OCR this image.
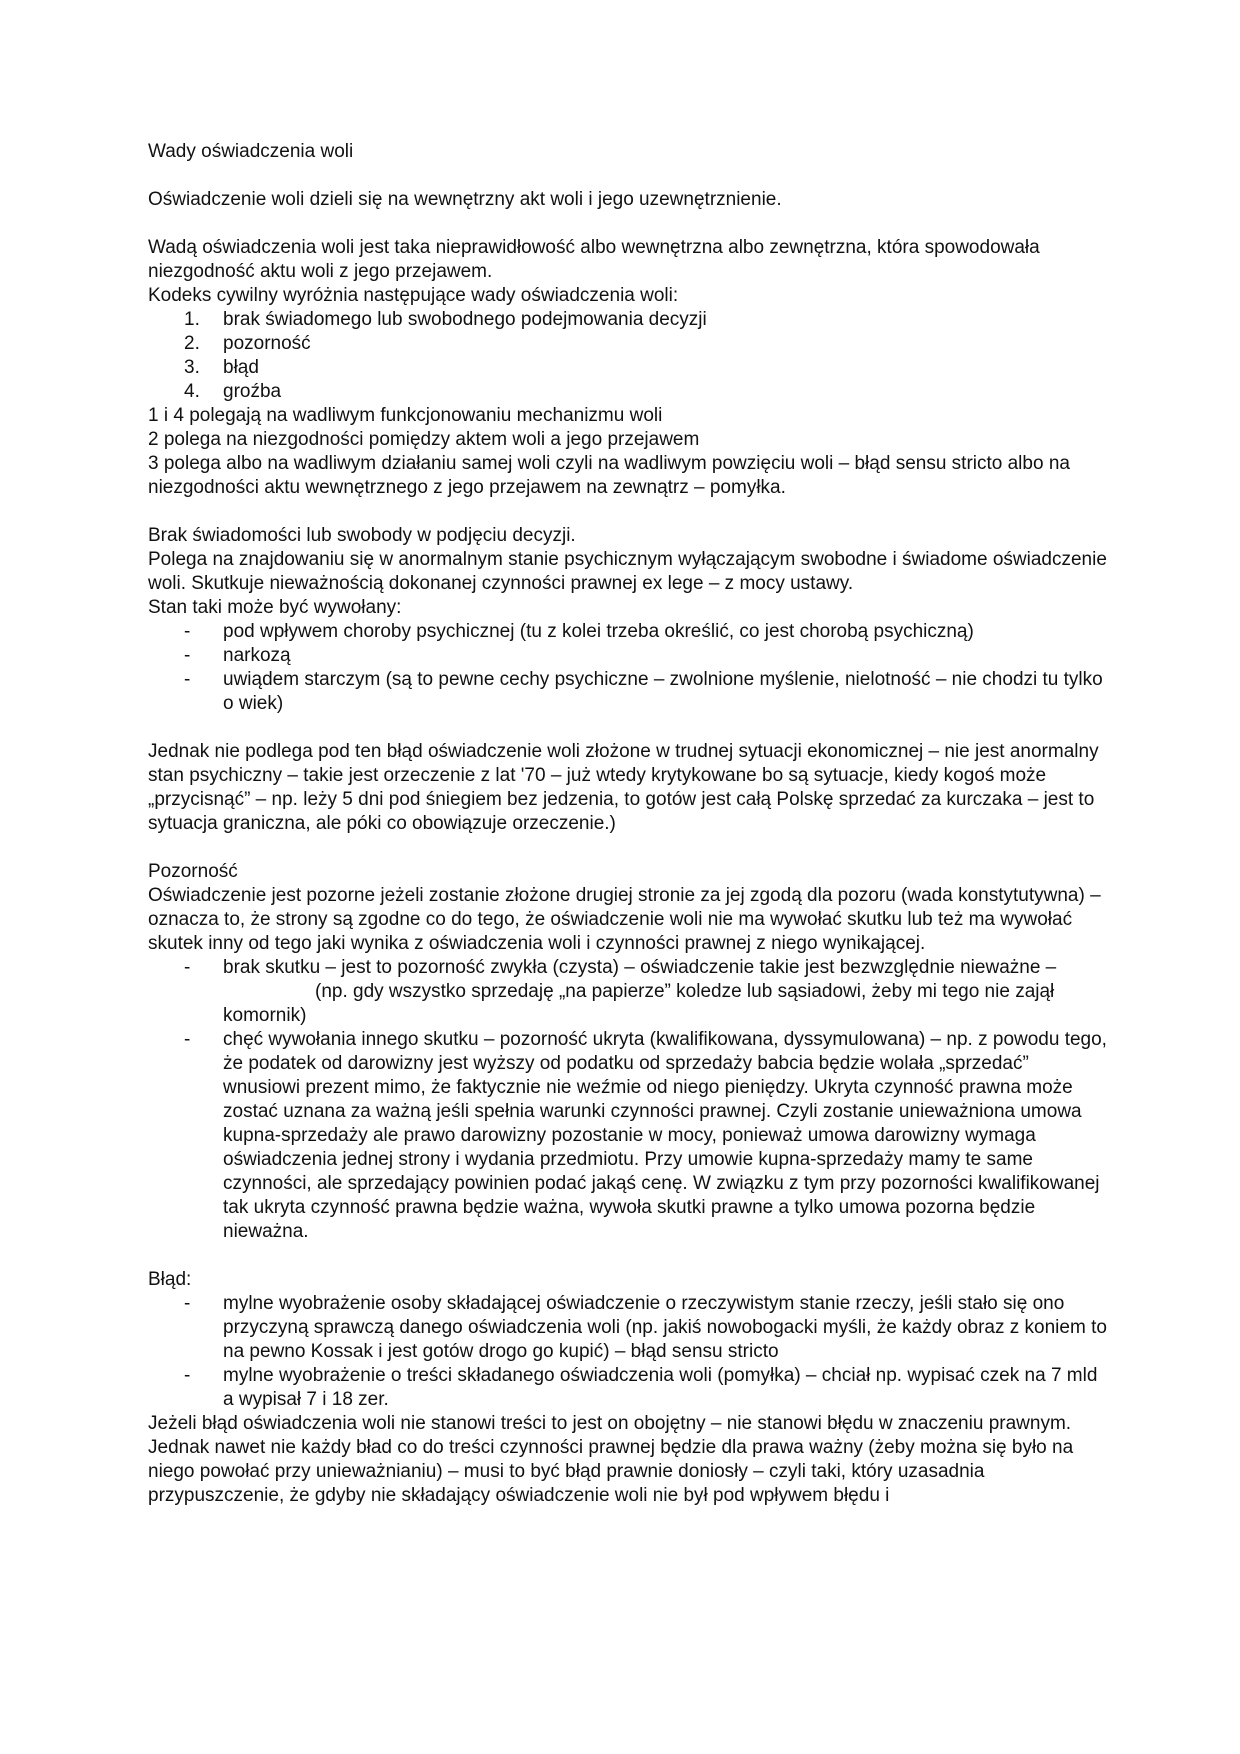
Wady oświadczenia woli

Oświadczenie woli dzieli się na wewnętrzny akt woli i jego uzewnętrznienie.

Wadą oświadczenia woli jest taka nieprawidłowość albo wewnętrzna albo zewnętrzna, która spowodowała niezgodność aktu woli z jego przejawem.

Kodeks cywilny wyróżnia następujące wady oświadczenia woli:

1. brak świadomego lub swobodnego podejmowania decyzji
2. pozorność
3. błąd
4. groźba

1 i 4 polegają na wadliwym funkcjonowaniu mechanizmu woli

2 polega na niezgodności pomiędzy aktem woli a jego przejawem

3 polega albo na wadliwym działaniu samej woli czyli na wadliwym powzięciu woli – błąd sensu stricto albo na niezgodności aktu wewnętrznego z jego przejawem na zewnątrz – pomyłka.

Brak świadomości lub swobody w podjęciu decyzji.

Polega na znajdowaniu się w anormalnym stanie psychicznym wyłączającym swobodne i świadome oświadczenie woli. Skutkuje nieważnością dokonanej czynności prawnej ex lege – z mocy ustawy.

Stan taki może być wywołany:

- pod wpływem choroby psychicznej (tu z kolei trzeba określić, co jest chorobą psychiczną)
- narkozą
- uwiądem starczym (są to pewne cechy psychiczne – zwolnione myślenie, nielotność – nie chodzi tu tylko o wiek)

Jednak nie podlega pod ten błąd oświadczenie woli złożone w trudnej sytuacji ekonomicznej – nie jest anormalny stan psychiczny – takie jest orzeczenie z lat '70 – już wtedy krytykowane bo są sytuacje, kiedy kogoś może „przycisnąć” – np. leży 5 dni pod śniegiem bez jedzenia, to gotów jest całą Polskę sprzedać za kurczaka – jest to sytuacja graniczna, ale póki co obowiązuje orzeczenie.)

Pozorność

Oświadczenie jest pozorne jeżeli zostanie złożone drugiej stronie za jej zgodą dla pozoru (wada konstytutywna) – oznacza to, że strony są zgodne co do tego, że oświadczenie woli nie ma wywołać skutku lub też ma wywołać skutek inny od tego jaki wynika z oświadczenia woli i czynności prawnej z niego wynikającej.

- brak skutku – jest to pozorność zwykła (czysta) – oświadczenie takie jest bezwzględnie nieważne –(np. gdy wszystko sprzedaję „na papierze” koledze lub sąsiadowi, żeby mi tego nie zajął komornik)
- chęć wywołania innego skutku – pozorność ukryta (kwalifikowana, dyssymulowana) – np. z powodu tego, że podatek od darowizny jest wyższy od podatku od sprzedaży babcia będzie wolała „sprzedać” wnusiowi prezent mimo, że faktycznie nie weźmie od niego pieniędzy. Ukryta czynność prawna może zostać uznana za ważną jeśli spełnia warunki czynności prawnej. Czyli zostanie unieważniona umowa kupna-sprzedaży ale prawo darowizny pozostanie w mocy, ponieważ umowa darowizny wymaga oświadczenia jednej strony i wydania przedmiotu. Przy umowie kupna-sprzedaży mamy te same czynności, ale sprzedający powinien podać jakąś cenę. W związku z tym przy pozorności kwalifikowanej tak ukryta czynność prawna będzie ważna, wywoła skutki prawne a tylko umowa pozorna będzie nieważna.

Błąd:

- mylne wyobrażenie osoby składającej oświadczenie o rzeczywistym stanie rzeczy, jeśli stało się ono przyczyną sprawczą danego oświadczenia woli (np. jakiś nowobogacki myśli, że każdy obraz z koniem to na pewno Kossak i jest gotów drogo go kupić) – błąd sensu stricto
- mylne wyobrażenie o treści składanego oświadczenia woli (pomyłka) – chciał np. wypisać czek na 7 mld a wypisał 7 i 18 zer.

Jeżeli błąd oświadczenia woli nie stanowi treści to jest on obojętny – nie stanowi błędu w znaczeniu prawnym.

Jednak nawet nie każdy bład co do treści czynności prawnej będzie dla prawa ważny (żeby można się było na niego powołać przy unieważnianiu) – musi to być błąd prawnie doniosły – czyli taki, który uzasadnia przypuszczenie, że gdyby nie składający oświadczenie woli nie był pod wpływem błędu i
